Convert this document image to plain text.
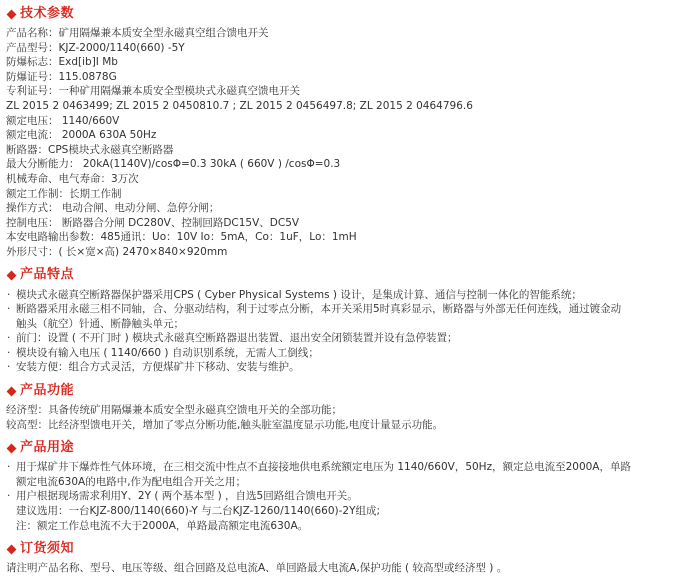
技术参数
产品名称：矿用隔爆兼本质安全型永磁真空组合馈电开关
产品型号：KJZ-2000/1140(660) -5Y
防爆标志：Exd[ib]I Mb
防爆证号：115.0878G
专利证号：一种矿用隔爆兼本质安全型模块式永磁真空馈电开关
ZL 2015 2 0463499; ZL 2015 2 0450810.7 ; ZL 2015 2 0456497.8; ZL 2015 2 0464796.6
额定电压： 1140/660V
额定电流： 2000A 630A 50Hz
断路器：CPS模块式永磁真空断路器
最大分断能力： 20kA(1140V)/cosΦ=0.3 30kA ( 660V ) /cosΦ=0.3
机械寿命、电气寿命：3万次
额定工作制：长期工作制
操作方式： 电动合闸、电动分闸、急停分闸；
控制电压： 断路器合分闸 DC280V、控制回路DC15V、DC5V
本安电路输出参数：485通讯：Uo：10V Io：5mA，Co：1uF，Lo：1mH
外形尺寸：( 长×宽×高) 2470×840×920mm
产品特点
· 模块式永磁真空断路器保护器采用CPS ( Cyber Physical Systems ) 设计，是集成计算、通信与控制一体化的智能系统；
· 断路器采用永磁三相不同轴，合、分驱动结构，利于过零点分断，本开关采用5时真彩显示，断路器与外部无任何连线，通过镀金动
触头（航空）针通、断静触头单元；
· 前门：设置 ( 不开门时 ) 模块式永磁真空断路器退出装置、退出安全闭锁装置并设有急停装置；
· 模块设有输入电压 ( 1140/660 ) 自动识别系统，无需人工倒线；
· 安装方便：组合方式灵活，方便煤矿井下移动、安装与维护。
产品功能
经济型：具备传统矿用隔爆兼本质安全型永磁真空馈电开关的全部功能；
较高型：比经济型馈电开关，增加了零点分断功能,触头脏室温度显示功能,电度计量显示功能。
产品用途
· 用于煤矿井下爆炸性气体环境，在三相交流中性点不直接接地供电系统额定电压为 1140/660V，50Hz，额定总电流至2000A，单路
额定电流630A的电路中,作为配电组合开关之用；
· 用户根据现场需求利用Y、2Y ( 两个基本型 ) ，自选5回路组合馈电开关。
建议选用：一台KJZ-800/1140(660)-Y 与二台KJZ-1260/1140(660)-2Y组成;
注：额定工作总电流不大于2000A，单路最高额定电流630A。
订货须知
请注明产品名称、型号、电压等级、组合回路及总电流A、单回路最大电流A,保护功能 ( 较高型或经济型 ) 。
